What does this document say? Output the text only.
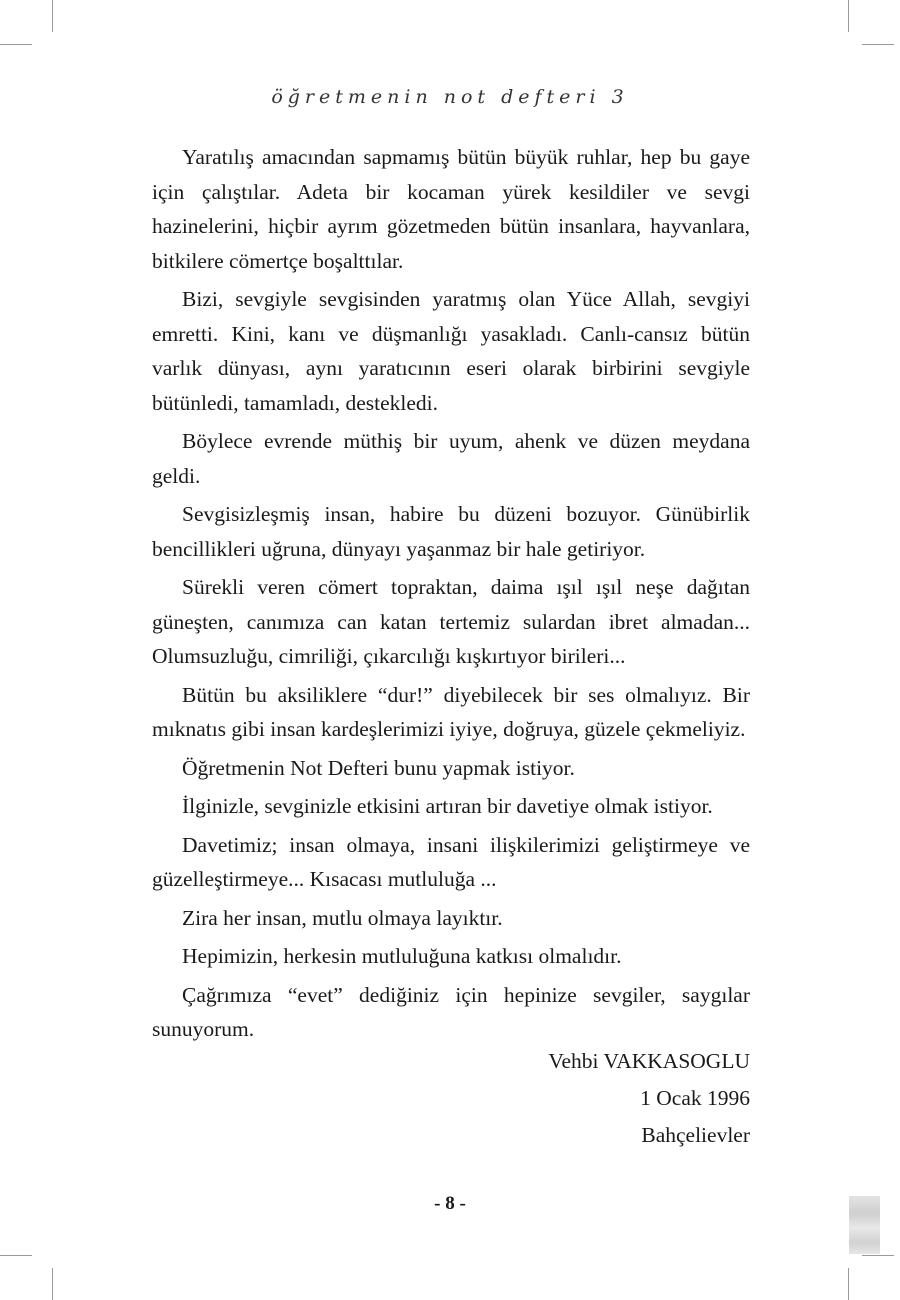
öğretmenin not defteri 3

Yaratılış amacından sapmamış bütün büyük ruhlar, hep bu gaye için çalıştılar. Adeta bir kocaman yürek kesildiler ve sevgi hazinelerini, hiçbir ayrım gözetmeden bütün insanlara, hayvanlara, bitkilere cömertçe boşalttılar.

Bizi, sevgiyle sevgisinden yaratmış olan Yüce Allah, sevgiyi emretti. Kini, kanı ve düşmanlığı yasakladı. Canlı-cansız bütün varlık dünyası, aynı yaratıcının eseri olarak birbirini sevgiyle bütünledi, tamamladı, destekledi.

Böylece evrende müthiş bir uyum, ahenk ve düzen meydana geldi.

Sevgisizleşmiş insan, habire bu düzeni bozuyor. Günübirlik bencillikleri uğruna, dünyayı yaşanmaz bir hale getiriyor.

Sürekli veren cömert topraktan, daima ışıl ışıl neşe dağıtan güneşten, canımıza can katan tertemiz sulardan ibret almadan... Olumsuzluğu, cimriliği, çıkarcılığı kışkırtıyor birileri...

Bütün bu aksiliklere “dur!” diyebilecek bir ses olmalıyız. Bir mıknatıs gibi insan kardeşlerimizi iyiye, doğruya, güzele çekmeliyiz.

Öğretmenin Not Defteri bunu yapmak istiyor.

İlginizle, sevginizle etkisini artıran bir davetiye olmak istiyor.

Davetimiz; insan olmaya, insani ilişkilerimizi geliştirmeye ve güzelleştirmeye... Kısacası mutluluğa ...

Zira her insan, mutlu olmaya layıktır.

Hepimizin, herkesin mutluluğuna katkısı olmalıdır.

Çağrımıza “evet” dediğiniz için hepinize sevgiler, saygılar sunuyorum.

Vehbi VAKKASOGLU
1 Ocak 1996
Bahçelievler
- 8 -
